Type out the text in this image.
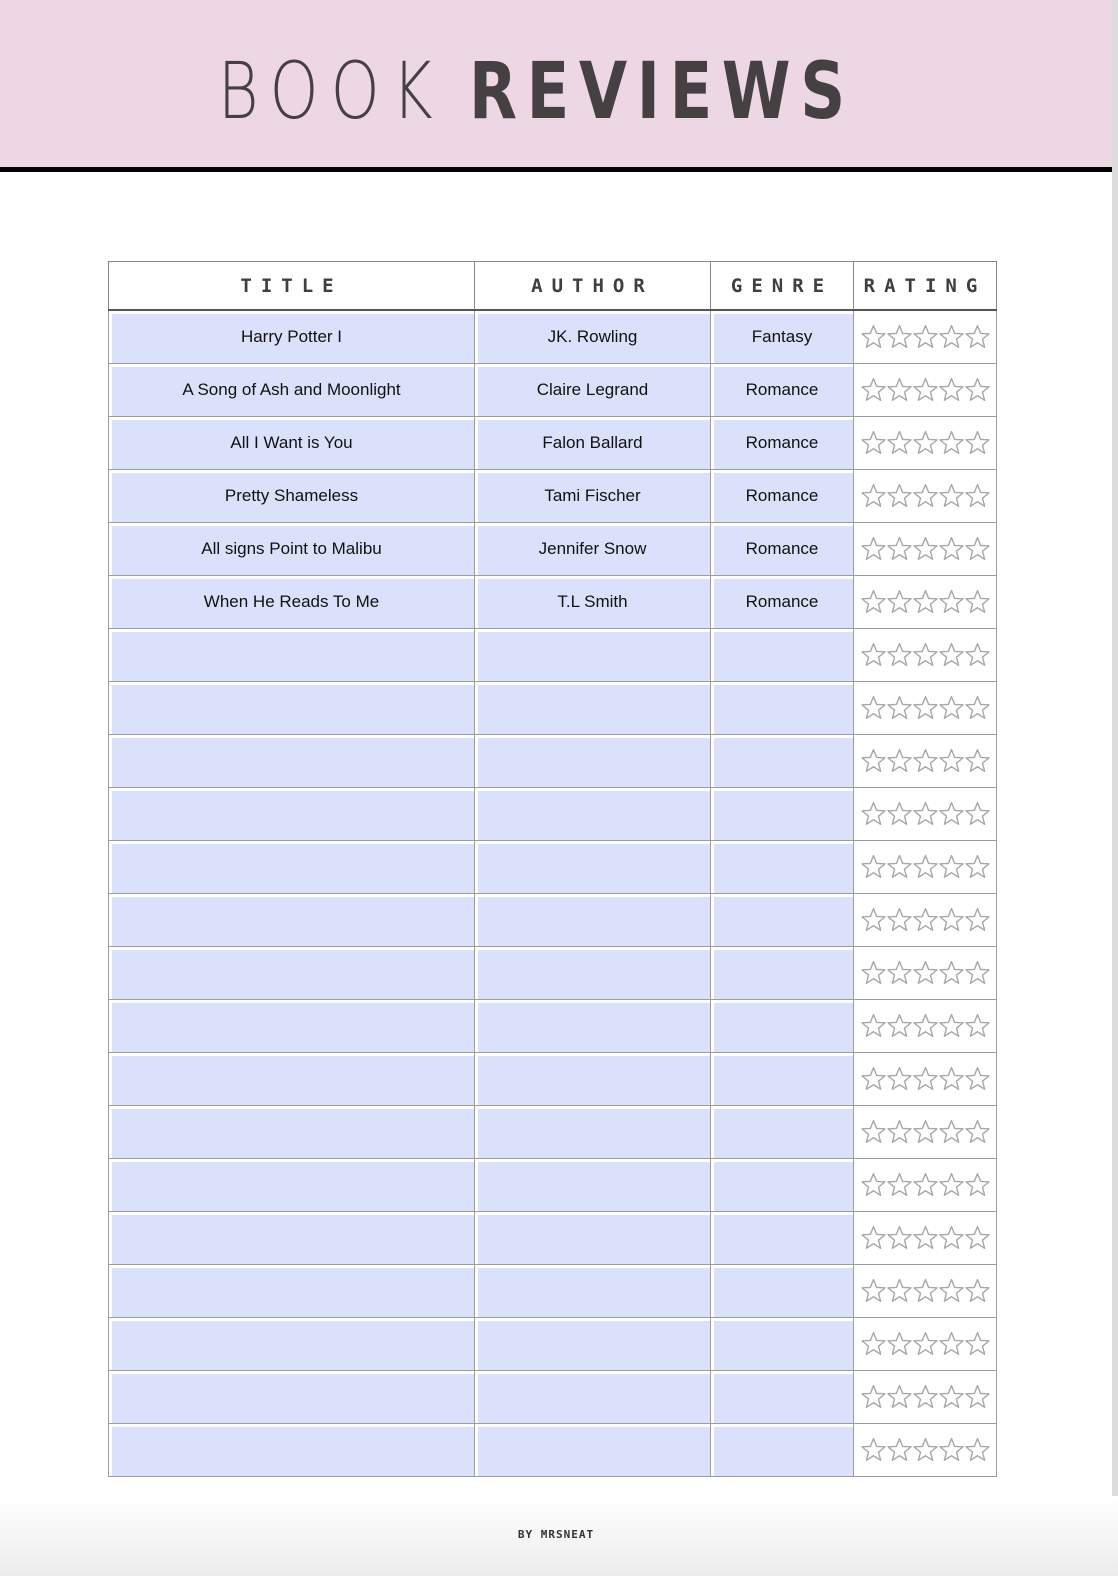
BOOK REVIEWS
TITLE	AUTHOR	GENRE	RATING
Harry Potter I	JK. Rowling	Fantasy	
A Song of Ash and Moonlight	Claire Legrand	Romance	
All I Want is You	Falon Ballard	Romance	
Pretty Shameless	Tami Fischer	Romance	
All signs Point to Malibu	Jennifer Snow	Romance	
When He Reads To Me	T.L Smith	Romance	

BY MRSNEAT
